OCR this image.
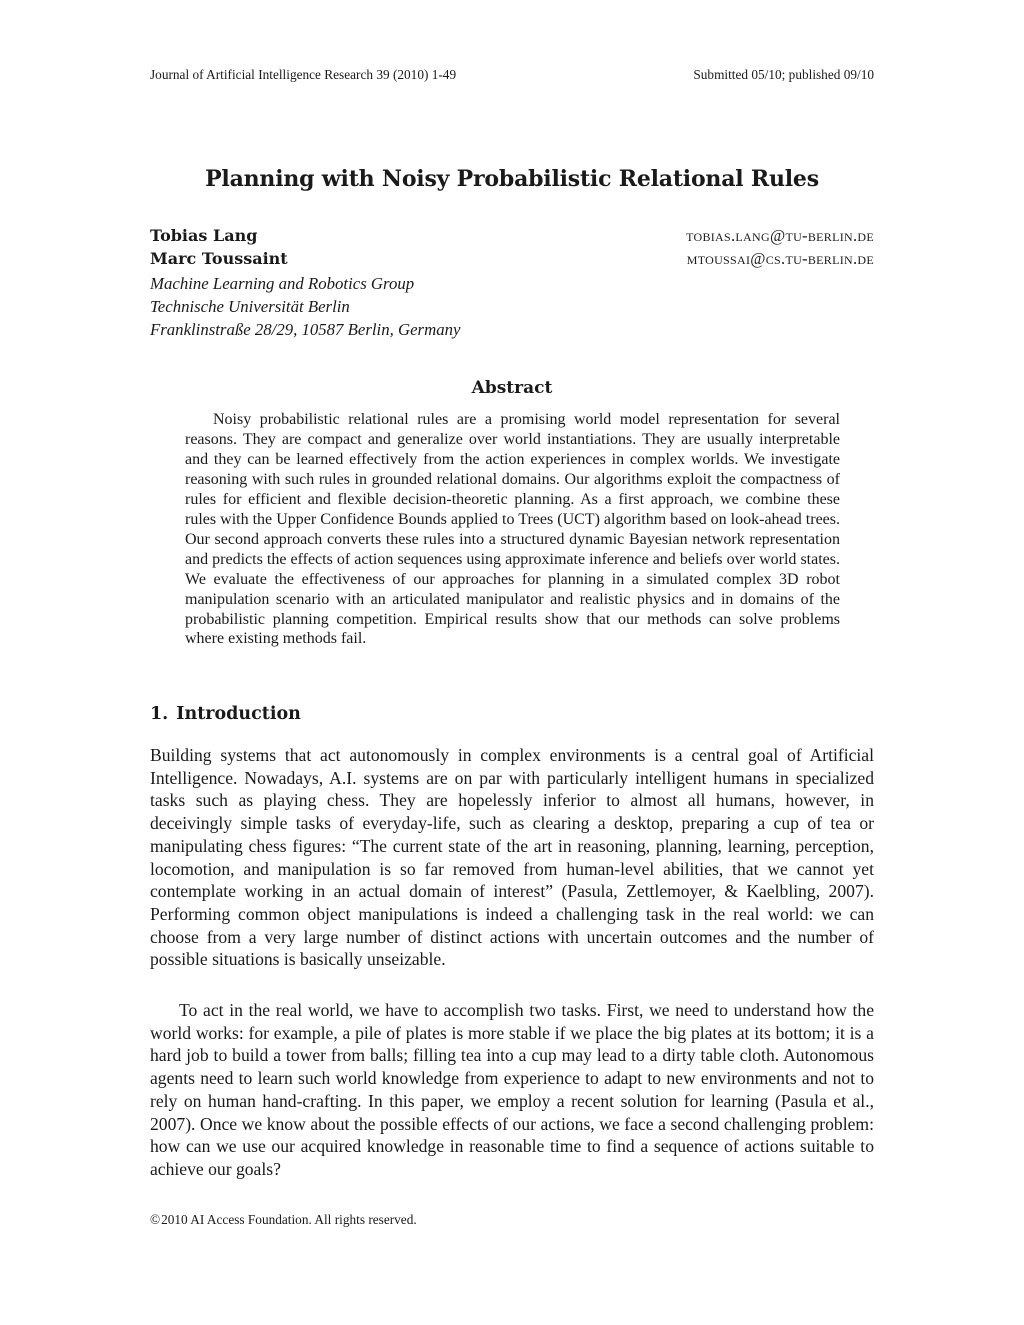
Journal of Artificial Intelligence Research 39 (2010) 1-49	Submitted 05/10; published 09/10
Planning with Noisy Probabilistic Relational Rules
Tobias Lang	tobias.lang@tu-berlin.de
Marc Toussaint	mtoussai@cs.tu-berlin.de
Machine Learning and Robotics Group
Technische Universität Berlin
Franklinstraße 28/29, 10587 Berlin, Germany
Abstract
Noisy probabilistic relational rules are a promising world model representation for several reasons. They are compact and generalize over world instantiations. They are usually interpretable and they can be learned effectively from the action experiences in complex worlds. We investigate reasoning with such rules in grounded relational domains. Our algorithms exploit the compactness of rules for efficient and flexible decision-theoretic planning. As a first approach, we combine these rules with the Upper Confidence Bounds applied to Trees (UCT) algorithm based on look-ahead trees. Our second approach converts these rules into a structured dynamic Bayesian network representation and predicts the effects of action sequences using approximate inference and beliefs over world states. We evaluate the effectiveness of our approaches for planning in a simulated complex 3D robot manipulation scenario with an articulated manipulator and realistic physics and in domains of the probabilistic planning competition. Empirical results show that our methods can solve problems where existing methods fail.
1. Introduction

Building systems that act autonomously in complex environments is a central goal of Artificial Intelligence. Nowadays, A.I. systems are on par with particularly intelligent humans in specialized tasks such as playing chess. They are hopelessly inferior to almost all humans, however, in deceivingly simple tasks of everyday-life, such as clearing a desktop, preparing a cup of tea or manipulating chess figures: “The current state of the art in reasoning, planning, learning, perception, locomotion, and manipulation is so far removed from human-level abilities, that we cannot yet contemplate working in an actual domain of interest” (Pasula, Zettlemoyer, & Kaelbling, 2007). Performing common object manipulations is indeed a challenging task in the real world: we can choose from a very large number of distinct actions with uncertain outcomes and the number of possible situations is basically unseizable.

To act in the real world, we have to accomplish two tasks. First, we need to understand how the world works: for example, a pile of plates is more stable if we place the big plates at its bottom; it is a hard job to build a tower from balls; filling tea into a cup may lead to a dirty table cloth. Autonomous agents need to learn such world knowledge from experience to adapt to new environments and not to rely on human hand-crafting. In this paper, we employ a recent solution for learning (Pasula et al., 2007). Once we know about the possible effects of our actions, we face a second challenging problem: how can we use our acquired knowledge in reasonable time to find a sequence of actions suitable to achieve our goals?

©2010 AI Access Foundation. All rights reserved.
